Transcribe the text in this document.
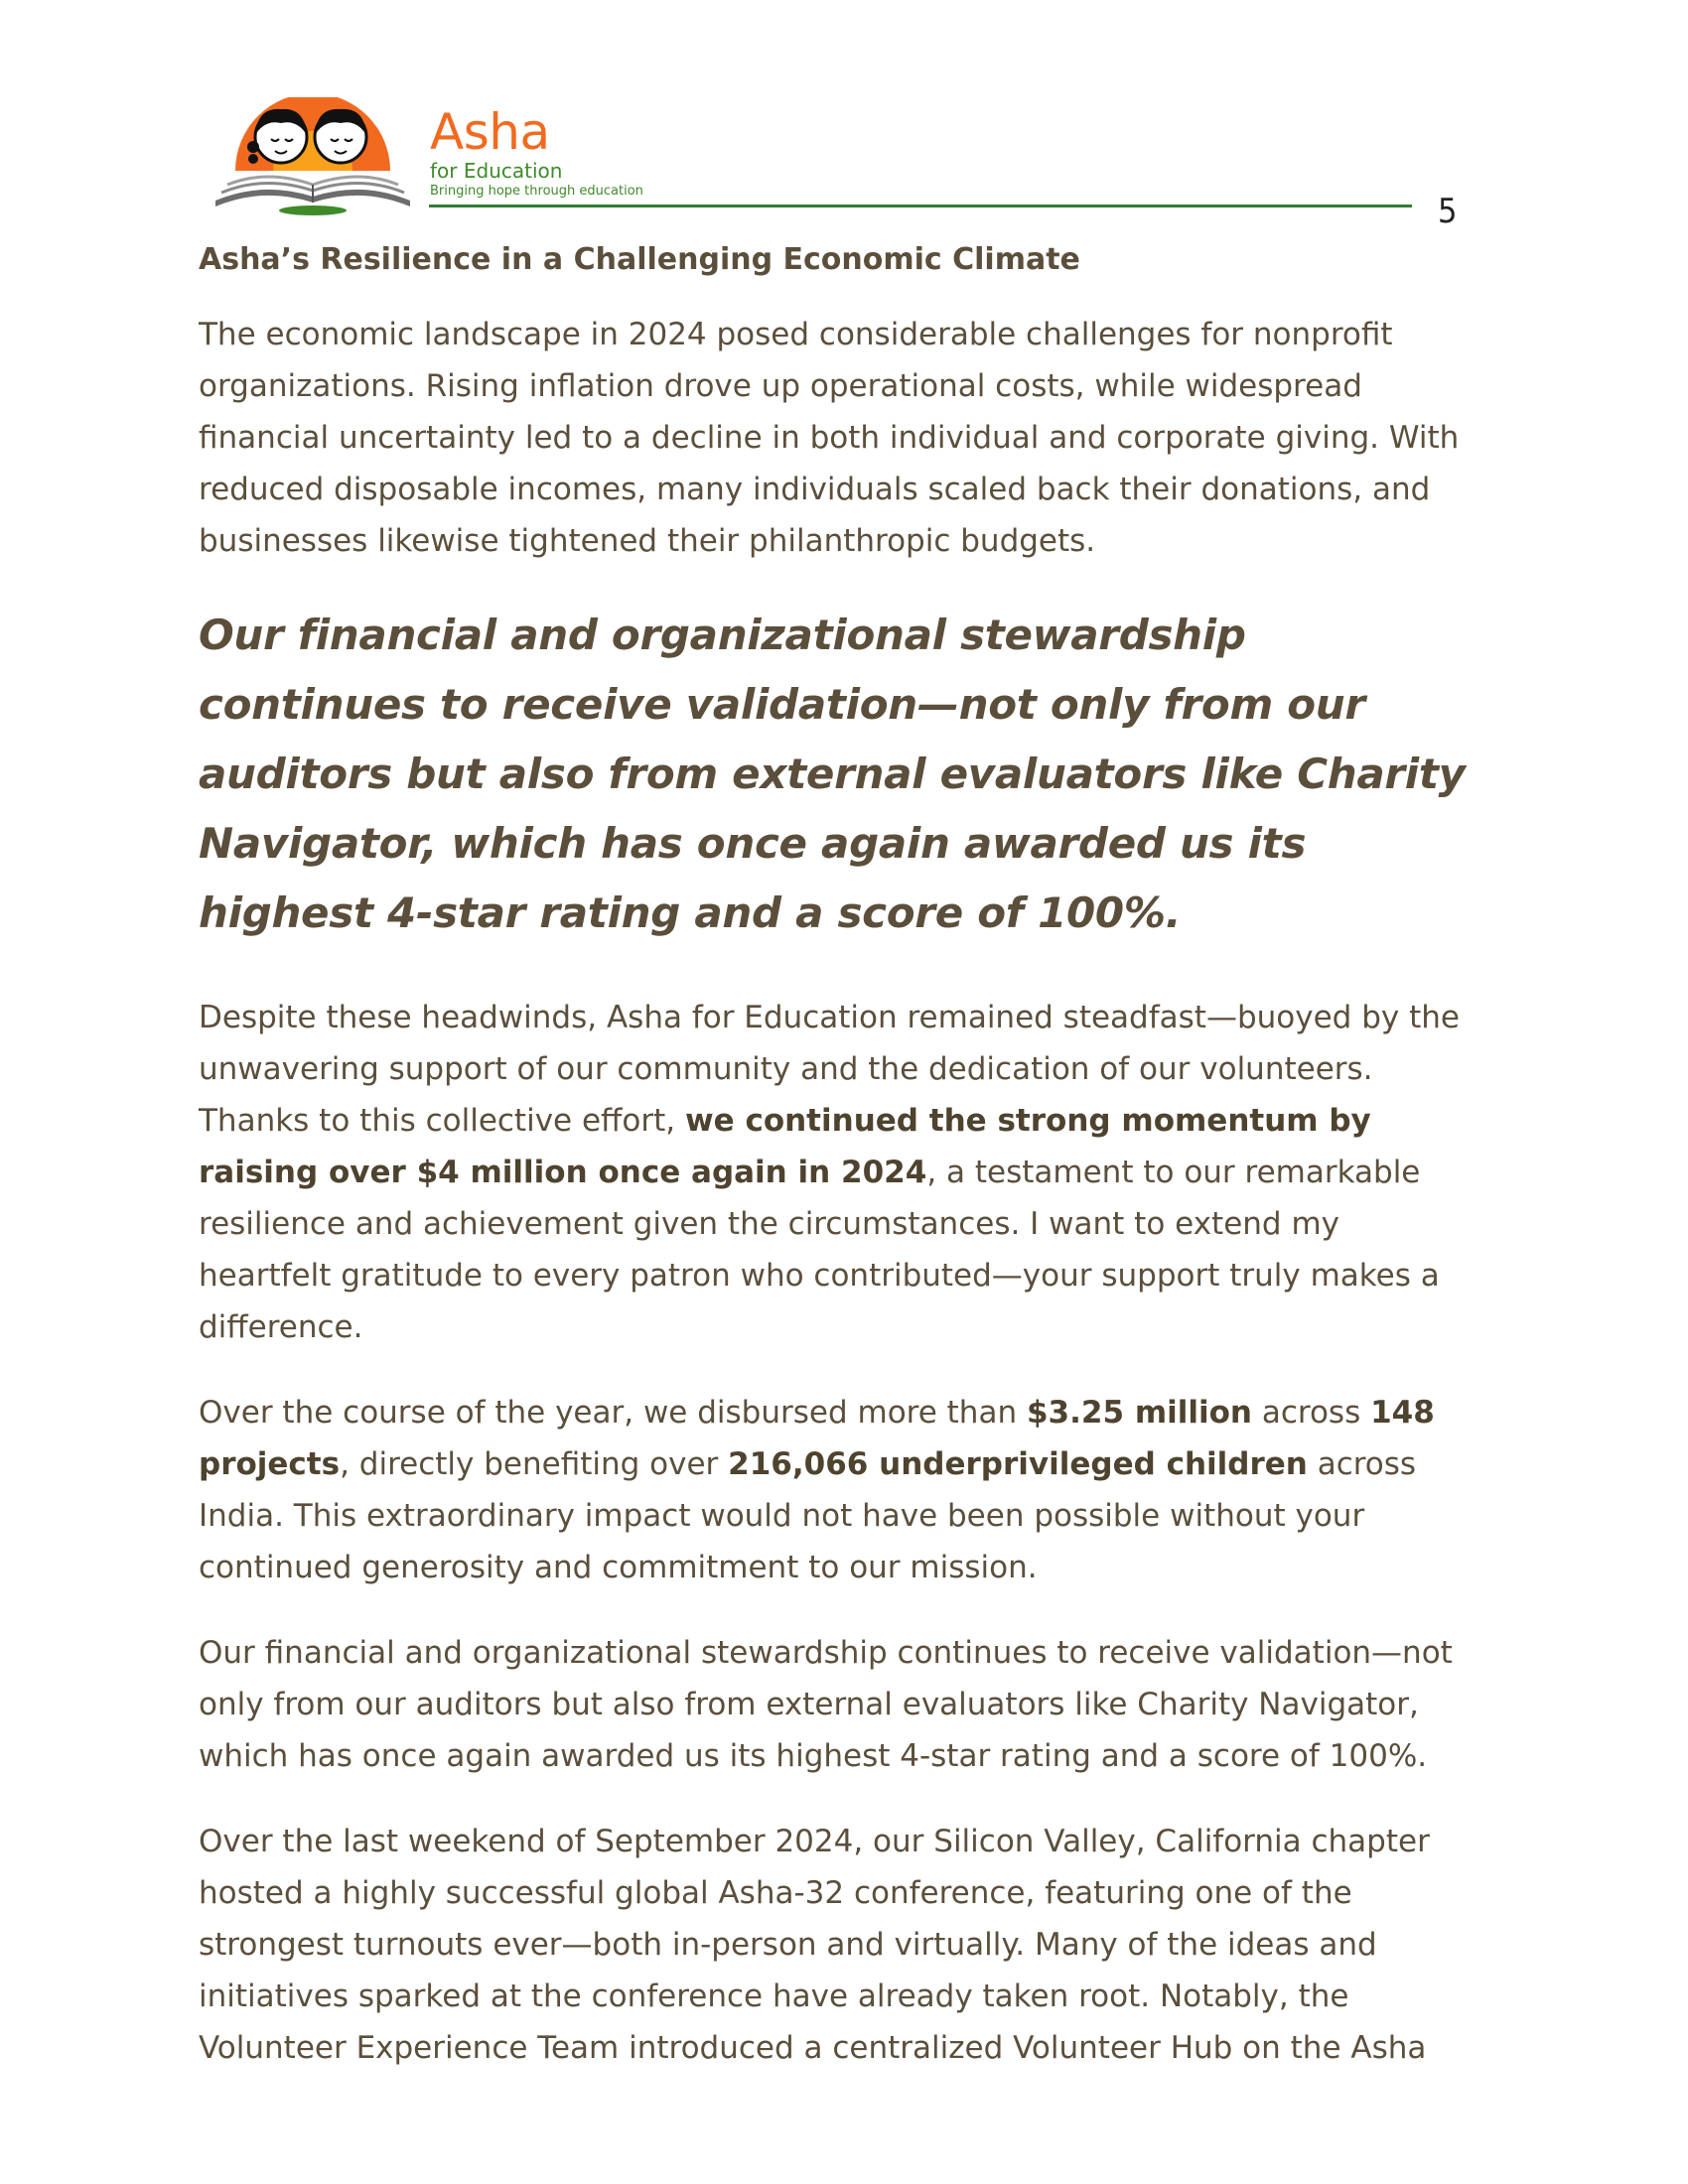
Asha
for Education
Bringing hope through education
5
Asha’s Resilience in a Challenging Economic Climate

The economic landscape in 2024 posed considerable challenges for nonprofit organizations. Rising inflation drove up operational costs, while widespread financial uncertainty led to a decline in both individual and corporate giving. With reduced disposable incomes, many individuals scaled back their donations, and businesses likewise tightened their philanthropic budgets.

Our financial and organizational stewardship continues to receive validation—not only from our auditors but also from external evaluators like Charity Navigator, which has once again awarded us its highest 4-star rating and a score of 100%.

Despite these headwinds, Asha for Education remained steadfast—buoyed by the unwavering support of our community and the dedication of our volunteers. Thanks to this collective effort, we continued the strong momentum by raising over $4 million once again in 2024, a testament to our remarkable resilience and achievement given the circumstances. I want to extend my heartfelt gratitude to every patron who contributed—your support truly makes a difference.

Over the course of the year, we disbursed more than $3.25 million across 148 projects, directly benefiting over 216,066 underprivileged children across India. This extraordinary impact would not have been possible without your continued generosity and commitment to our mission.

Our financial and organizational stewardship continues to receive validation—not only from our auditors but also from external evaluators like Charity Navigator, which has once again awarded us its highest 4-star rating and a score of 100%.

Over the last weekend of September 2024, our Silicon Valley, California chapter hosted a highly successful global Asha-32 conference, featuring one of the strongest turnouts ever—both in-person and virtually. Many of the ideas and initiatives sparked at the conference have already taken root. Notably, the Volunteer Experience Team introduced a centralized Volunteer Hub on the Asha
